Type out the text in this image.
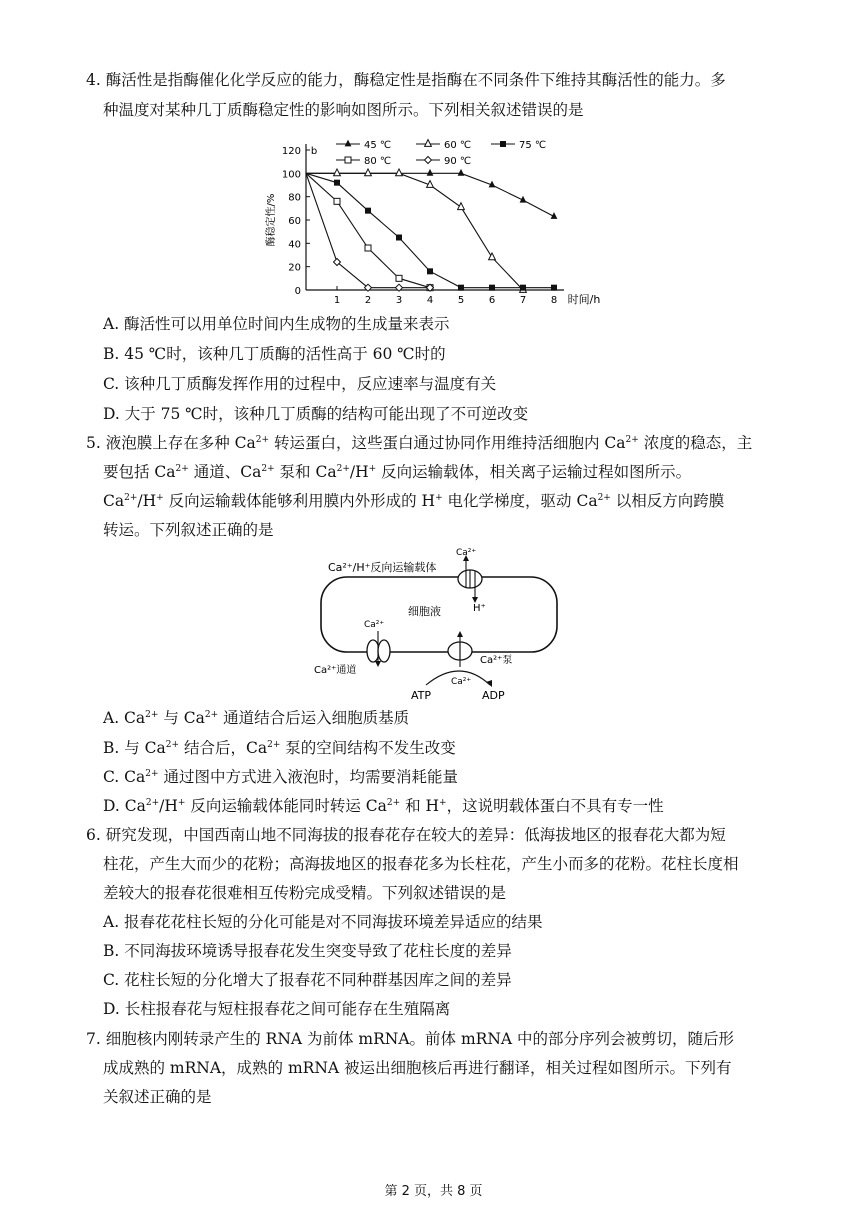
4. 酶活性是指酶催化化学反应的能力，酶稳定性是指酶在不同条件下维持其酶活性的能力。多
种温度对某种几丁质酶稳定性的影响如图所示。下列相关叙述错误的是
0
20
40
60
80
100
120
1 2 3 4 5 6 7 8 时间/h
b
酶稳定性/%
45 ℃	60 ℃	75 ℃
80 ℃	90 ℃
A. 酶活性可以用单位时间内生成物的生成量来表示
B. 45 ℃时，该种几丁质酶的活性高于 60 ℃时的
C. 该种几丁质酶发挥作用的过程中，反应速率与温度有关
D. 大于 75 ℃时，该种几丁质酶的结构可能出现了不可逆改变
5. 液泡膜上存在多种 $Ca^{2+}$ 转运蛋白，这些蛋白通过协同作用维持活细胞内 $Ca^{2+}$ 浓度的稳态，主
要包括 $Ca^{2+}$ 通道、$Ca^{2+}$ 泵和 $Ca^{2+}/H^+$ 反向运输载体，相关离子运输过程如图所示。
$Ca^{2+}/H^+$ 反向运输载体能够利用膜内外形成的 H+ 电化学梯度，驱动 $Ca^{2+}$ 以相反方向跨膜
转运。下列叙述正确的是
Ca²⁺/H⁺反向运输载体
Ca²⁺
H⁺
细胞液
Ca²⁺
Ca²⁺通道
Ca²⁺泵
Ca²⁺
ATP	ADP
A. $Ca^{2+}$ 与 $Ca^{2+}$ 通道结合后运入细胞质基质
B. 与 $Ca^{2+}$ 结合后，$Ca^{2+}$ 泵的空间结构不发生改变
C. $Ca^{2+}$ 通过图中方式进入液泡时，均需要消耗能量
D. $Ca^{2+}/H^+$ 反向运输载体能同时转运 $Ca^{2+}$ 和 H+，这说明载体蛋白不具有专一性
6. 研究发现，中国西南山地不同海拔的报春花存在较大的差异：低海拔地区的报春花大都为短
柱花，产生大而少的花粉；高海拔地区的报春花多为长柱花，产生小而多的花粉。花柱长度相
差较大的报春花很难相互传粉完成受精。下列叙述错误的是
A. 报春花花柱长短的分化可能是对不同海拔环境差异适应的结果
B. 不同海拔环境诱导报春花发生突变导致了花柱长度的差异
C. 花柱长短的分化增大了报春花不同种群基因库之间的差异
D. 长柱报春花与短柱报春花之间可能存在生殖隔离
7. 细胞核内刚转录产生的 RNA 为前体 mRNA。前体 mRNA 中的部分序列会被剪切，随后形
成成熟的 mRNA，成熟的 mRNA 被运出细胞核后再进行翻译，相关过程如图所示。下列有
关叙述正确的是
第 2 页，共 8 页
